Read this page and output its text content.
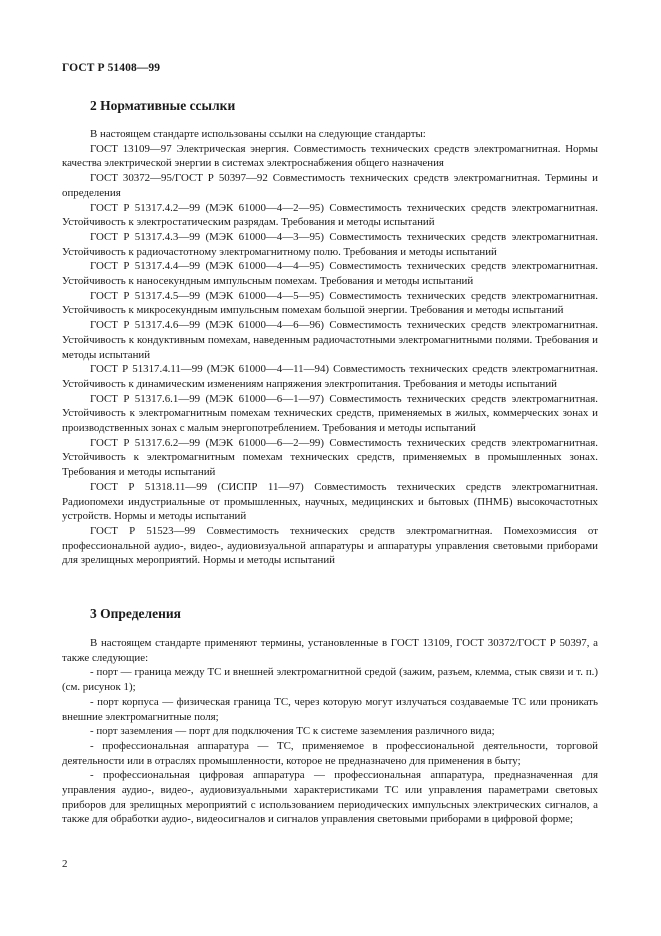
ГОСТ Р 51408—99
2 Нормативные ссылки

В настоящем стандарте использованы ссылки на следующие стандарты:

ГОСТ 13109—97 Электрическая энергия. Совместимость технических средств электромагнитная. Нормы качества электрической энергии в системах электроснабжения общего назначения

ГОСТ 30372—95/ГОСТ Р 50397—92 Совместимость технических средств электромагнитная. Термины и определения

ГОСТ Р 51317.4.2—99 (МЭК 61000—4—2—95) Совместимость технических средств электромагнитная. Устойчивость к электростатическим разрядам. Требования и методы испытаний

ГОСТ Р 51317.4.3—99 (МЭК 61000—4—3—95) Совместимость технических средств электромагнитная. Устойчивость к радиочастотному электромагнитному полю. Требования и методы испытаний

ГОСТ Р 51317.4.4—99 (МЭК 61000—4—4—95) Совместимость технических средств электромагнитная. Устойчивость к наносекундным импульсным помехам. Требования и методы испытаний

ГОСТ Р 51317.4.5—99 (МЭК 61000—4—5—95) Совместимость технических средств электромагнитная. Устойчивость к микросекундным импульсным помехам большой энергии. Требования и методы испытаний

ГОСТ Р 51317.4.6—99 (МЭК 61000—4—6—96) Совместимость технических средств электромагнитная. Устойчивость к кондуктивным помехам, наведенным радиочастотными электромагнитными полями. Требования и методы испытаний

ГОСТ Р 51317.4.11—99 (МЭК 61000—4—11—94) Совместимость технических средств электромагнитная. Устойчивость к динамическим изменениям напряжения электропитания. Требования и методы испытаний

ГОСТ Р 51317.6.1—99 (МЭК 61000—6—1—97) Совместимость технических средств электромагнитная. Устойчивость к электромагнитным помехам технических средств, применяемых в жилых, коммерческих зонах и производственных зонах с малым энергопотреблением. Требования и методы испытаний

ГОСТ Р 51317.6.2—99 (МЭК 61000—6—2—99) Совместимость технических средств электромагнитная. Устойчивость к электромагнитным помехам технических средств, применяемых в промышленных зонах. Требования и методы испытаний

ГОСТ Р 51318.11—99 (СИСПР 11—97) Совместимость технических средств электромагнитная. Радиопомехи индустриальные от промышленных, научных, медицинских и бытовых (ПНМБ) высокочастотных устройств. Нормы и методы испытаний

ГОСТ Р 51523—99 Совместимость технических средств электромагнитная. Помехоэмиссия от профессиональной аудио-, видео-, аудиовизуальной аппаратуры и аппаратуры управления световыми приборами для зрелищных мероприятий. Нормы и методы испытаний

3 Определения

В настоящем стандарте применяют термины, установленные в ГОСТ 13109, ГОСТ 30372/ГОСТ Р 50397, а также следующие:

- порт — граница между ТС и внешней электромагнитной средой (зажим, разъем, клемма, стык связи и т. п.) (см. рисунок 1);

- порт корпуса — физическая граница ТС, через которую могут излучаться создаваемые ТС или проникать внешние электромагнитные поля;

- порт заземления — порт для подключения ТС к системе заземления различного вида;

- профессиональная аппаратура — ТС, применяемое в профессиональной деятельности, торговой деятельности или в отраслях промышленности, которое не предназначено для применения в быту;

- профессиональная цифровая аппаратура — профессиональная аппаратура, предназначенная для управления аудио-, видео-, аудиовизуальными характеристиками ТС или управления параметрами световых приборов для зрелищных мероприятий с использованием периодических импульсных электрических сигналов, а также для обработки аудио-, видеосигналов и сигналов управления световыми приборами в цифровой форме;

2
